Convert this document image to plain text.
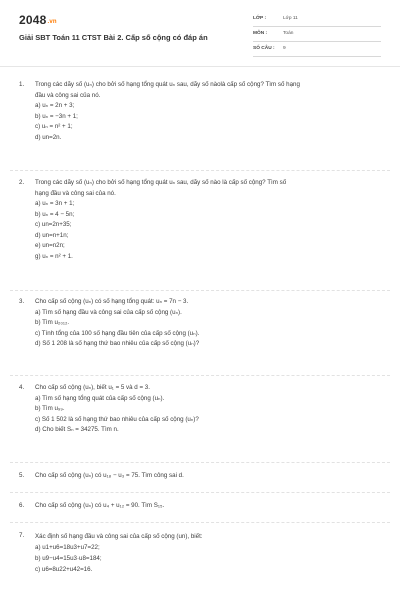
2048.vn
Giải SBT Toán 11 CTST Bài 2. Cấp số cộng có đáp án
LỚP :	Lớp 11
MÔN :	Toán
SỐ CÂU : 9
1. Trong các dãy số (uₙ) cho bởi số hạng tổng quát uₙ sau, dãy số nàolà cấp số cộng? Tìm số hạng
đầu và công sai của nó.
a) uₙ = 2n + 3;
b) uₙ = −3n + 1;
c) uₙ = n² + 1;
d) un=2n.
2. Trong các dãy số (uₙ) cho bởi số hạng tổng quát uₙ sau, dãy số nào là cấp số cộng? Tìm số
hạng đầu và công sai của nó.
a) uₙ = 3n + 1;
b) uₙ = 4 − 5n;
c) un=2n+35;
d) un=n+1n;
e) un=n2n;
g) uₙ = n² + 1.
3. Cho cấp số cộng (uₙ) có số hạng tổng quát: uₙ = 7n − 3.
a) Tìm số hạng đầu và công sai của cấp số cộng (uₙ).
b) Tìm u₂₀₁₂.
c) Tính tổng của 100 số hạng đầu tiên của cấp số cộng (uₙ).
d) Số 1 208 là số hạng thứ bao nhiêu của cấp số cộng (uₙ)?
4. Cho cấp số cộng (uₙ), biết u₁ = 5 và d = 3.
a) Tìm số hạng tổng quát của cấp số cộng (uₙ).
b) Tìm u₉₉.
c) Số 1 502 là số hạng thứ bao nhiêu của cấp số cộng (uₙ)?
d) Cho biết Sₙ = 34275. Tìm n.
5. Cho cấp số cộng (uₙ) có u₁₈ − u₃ = 75. Tìm công sai d.
6. Cho cấp số cộng (uₙ) có u₄ + u₁₂ = 90. Tìm S₁₅.
7. Xác định số hạng đầu và công sai của cấp số cộng (un), biết:
a) u1+u6=18u3+u7=22;
b) u9−u4=15u3·u8=184;
c) u6=8u22+u42=16.
